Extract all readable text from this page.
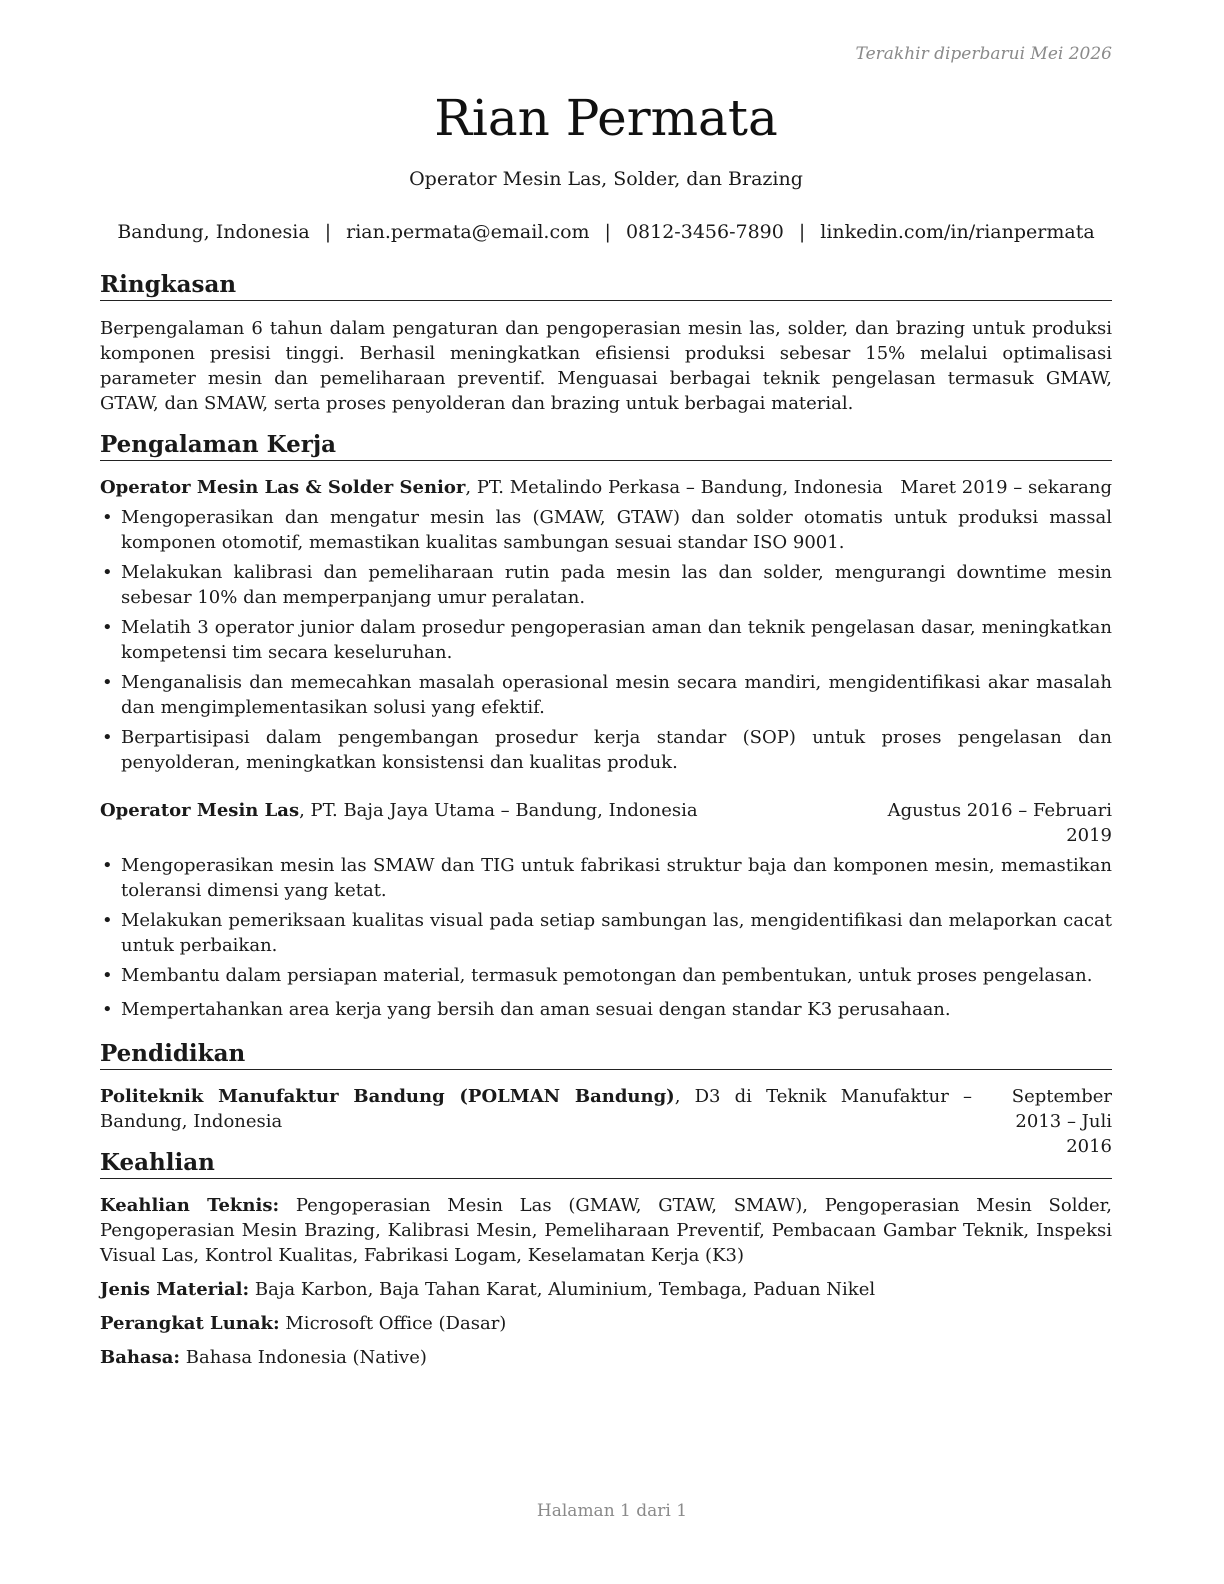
Terakhir diperbarui Mei 2026
Rian Permata
Operator Mesin Las, Solder, dan Brazing
Bandung, Indonesia | rian.permata@email.com | 0812-3456-7890 | linkedin.com/in/rianpermata
Ringkasan

Berpengalaman 6 tahun dalam pengaturan dan pengoperasian mesin las, solder, dan brazing untuk produksi komponen presisi tinggi. Berhasil meningkatkan efisiensi produksi sebesar 15% melalui optimalisasi parameter mesin dan pemeliharaan preventif. Menguasai berbagai teknik pengelasan termasuk GMAW, GTAW, dan SMAW, serta proses penyolderan dan brazing untuk berbagai material.

Pengalaman Kerja
Operator Mesin Las & Solder Senior, PT. Metalindo Perkasa – Bandung, Indonesia Maret 2019 – sekarang
• Mengoperasikan dan mengatur mesin las (GMAW, GTAW) dan solder otomatis untuk produksi massal komponen otomotif, memastikan kualitas sambungan sesuai standar ISO 9001.
• Melakukan kalibrasi dan pemeliharaan rutin pada mesin las dan solder, mengurangi downtime mesin sebesar 10% dan memperpanjang umur peralatan.
• Melatih 3 operator junior dalam prosedur pengoperasian aman dan teknik pengelasan dasar, meningkatkan kompetensi tim secara keseluruhan.
• Menganalisis dan memecahkan masalah operasional mesin secara mandiri, mengidentifikasi akar masalah dan mengimplementasikan solusi yang efektif.
• Berpartisipasi dalam pengembangan prosedur kerja standar (SOP) untuk proses pengelasan dan penyolderan, meningkatkan konsistensi dan kualitas produk.
Operator Mesin Las, PT. Baja Jaya Utama – Bandung, Indonesia	Agustus 2016 – Februari 2019
• Mengoperasikan mesin las SMAW dan TIG untuk fabrikasi struktur baja dan komponen mesin, memastikan toleransi dimensi yang ketat.
• Melakukan pemeriksaan kualitas visual pada setiap sambungan las, mengidentifikasi dan melaporkan cacat untuk perbaikan.
• Membantu dalam persiapan material, termasuk pemotongan dan pembentukan, untuk proses pengelasan.
• Mempertahankan area kerja yang bersih dan aman sesuai dengan standar K3 perusahaan.
Pendidikan
Politeknik Manufaktur Bandung (POLMAN Bandung), D3 di Teknik Manufaktur – Bandung, Indonesia
September 2013 – Juli 2016
Keahlian

Keahlian Teknis: Pengoperasian Mesin Las (GMAW, GTAW, SMAW), Pengoperasian Mesin Solder, Pengoperasian Mesin Brazing, Kalibrasi Mesin, Pemeliharaan Preventif, Pembacaan Gambar Teknik, Inspeksi Visual Las, Kontrol Kualitas, Fabrikasi Logam, Keselamatan Kerja (K3)

Jenis Material: Baja Karbon, Baja Tahan Karat, Aluminium, Tembaga, Paduan Nikel

Perangkat Lunak: Microsoft Office (Dasar)

Bahasa: Bahasa Indonesia (Native)

Halaman 1 dari 1
